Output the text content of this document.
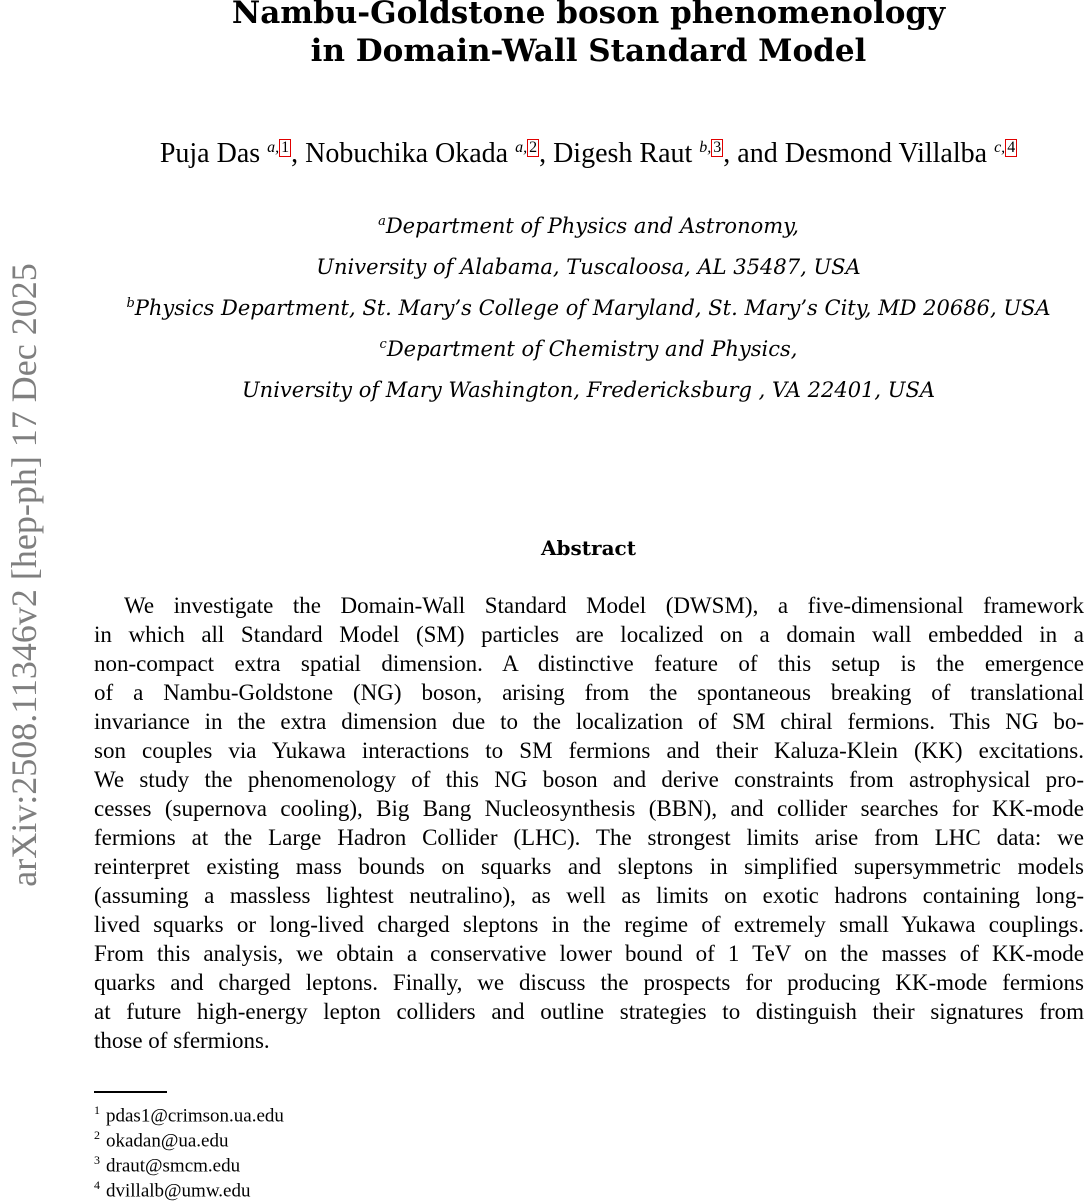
arXiv:2508.11346v2 [hep-ph] 17 Dec 2025
Nambu-Goldstone boson phenomenology
in Domain-Wall Standard Model
Puja Das $^{a, 1}$, Nobuchika Okada $^{a, 2}$, Digesh Raut $^{b, 3}$, and Desmond Villalba $^{c, 4}$
$^a$Department of Physics and Astronomy,
University of Alabama, Tuscaloosa, AL 35487, USA
$^b$Physics Department, St. Mary’s College of Maryland, St. Mary’s City, MD 20686, USA
$^c$Department of Chemistry and Physics,
University of Mary Washington, Fredericksburg , VA 22401, USA
Abstract
We investigate the Domain-Wall Standard Model (DWSM), a five-dimensional framework
in which all Standard Model (SM) particles are localized on a domain wall embedded in a
non-compact extra spatial dimension. A distinctive feature of this setup is the emergence
of a Nambu-Goldstone (NG) boson, arising from the spontaneous breaking of translational
invariance in the extra dimension due to the localization of SM chiral fermions. This NG bo-
son couples via Yukawa interactions to SM fermions and their Kaluza-Klein (KK) excitations.
We study the phenomenology of this NG boson and derive constraints from astrophysical pro-
cesses (supernova cooling), Big Bang Nucleosynthesis (BBN), and collider searches for KK-mode
fermions at the Large Hadron Collider (LHC). The strongest limits arise from LHC data: we
reinterpret existing mass bounds on squarks and sleptons in simplified supersymmetric models
(assuming a massless lightest neutralino), as well as limits on exotic hadrons containing long-
lived squarks or long-lived charged sleptons in the regime of extremely small Yukawa couplings.
From this analysis, we obtain a conservative lower bound of 1 TeV on the masses of KK-mode
quarks and charged leptons. Finally, we discuss the prospects for producing KK-mode fermions
at future high-energy lepton colliders and outline strategies to distinguish their signatures from
those of sfermions.
$^1$ pdas1@crimson.ua.edu
$^2$ okadan@ua.edu
$^3$ draut@smcm.edu
$^4$ dvillalb@umw.edu
